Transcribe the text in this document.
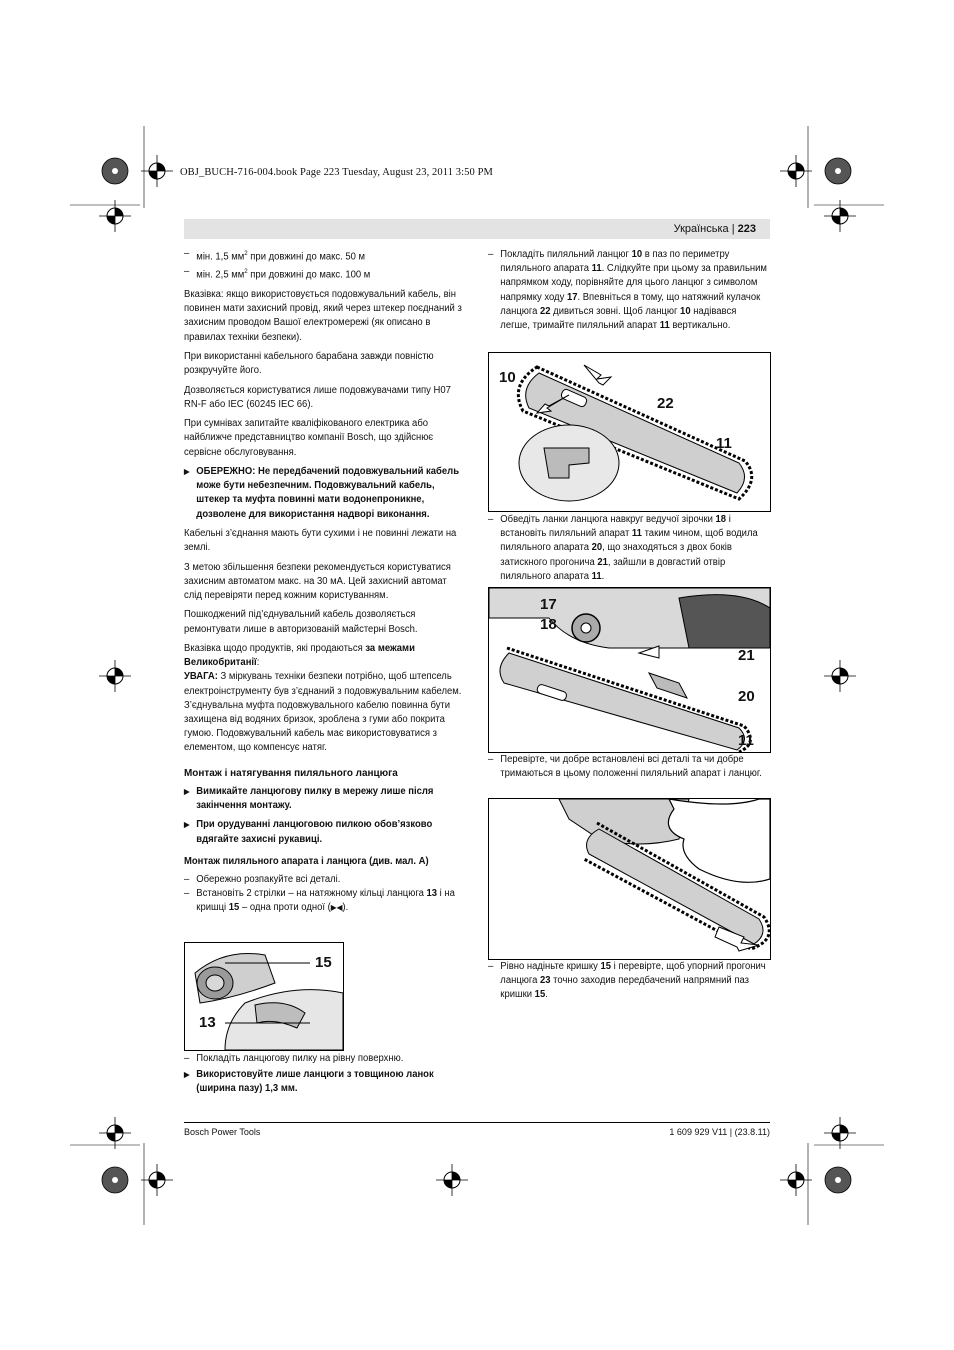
OBJ_BUCH-716-004.book Page 223 Tuesday, August 23, 2011 3:50 PM
Українська | 223

– мін. 1,5 $мм^2$ при довжині до макс. 50 м

– мін. 2,5 $мм^2$ при довжині до макс. 100 м

Вказівка: якщо використовується подовжувальний кабель, він повинен мати захисний провід, який через штекер поєднаний з захисним проводом Вашої електромережі (як описано в правилах техніки безпеки).

При використанні кабельного барабана завжди повністю розкручуйте його.

Дозволяється користуватися лише подовжувачами типу H07 RN-F або IEC (60245 IEC 66).

При сумнівах запитайте кваліфікованого електрика або найближче представництво компанії Bosch, що здійснює сервісне обслуговування.

▶ ОБЕРЕЖНО: Не передбачений подовжувальний кабель може бути небезпечним. Подовжувальний кабель, штекер та муфта повинні мати водонепроникне, дозволене для використання надворі виконання.

Кабельні з’єднання мають бути сухими і не повинні лежати на землі.

З метою збільшення безпеки рекомендується користуватися захисним автоматом макс. на 30 мА. Цей захисний автомат слід перевіряти перед кожним користуванням.

Пошкоджений під’єднувальний кабель дозволяється ремонтувати лише в авторизованій майстерні Bosch.

Вказівка щодо продуктів, які продаються за межами Великобританії:

УВАГА: З міркувань техніки безпеки потрібно, щоб штепсель електроінструменту був з’єднаний з подовжувальним кабелем. З’єднувальна муфта подовжувального кабелю повинна бути захищена від водяних бризок, зроблена з гуми або покрита гумою. Подовжувальний кабель має використовуватися з елементом, що компенсує натяг.

Монтаж і натягування пиляльного ланцюга

▶ Вимикайте ланцюгову пилку в мережу лише після закінчення монтажу.

▶ При орудуванні ланцюговою пилкою обов’язково вдягайте захисні рукавиці.

Монтаж пиляльного апарата і ланцюга (див. мал. A)

– Обережно розпакуйте всі деталі.

– Встановіть 2 стрілки – на натяжному кільці ланцюга 13 і на кришці 15 – одна проти одної (▶◀).

15
13

– Покладіть ланцюгову пилку на рівну поверхню.

▶ Використовуйте лише ланцюги з товщиною ланок (ширина пазу) 1,3 мм.

– Покладіть пиляльний ланцюг 10 в паз по периметру пиляльного апарата 11. Слідкуйте при цьому за правильним напрямком ходу, порівняйте для цього ланцюг з символом напрямку ходу 17. Впевніться в тому, що натяжний кулачок ланцюга 22 дивиться зовні. Щоб ланцюг 10 надівався легше, тримайте пиляльний апарат 11 вертикально.

10
22
11

– Обведіть ланки ланцюга навкруг ведучої зірочки 18 і встановіть пиляльний апарат 11 таким чином, щоб водила пиляльного апарата 20, що знаходяться з двох боків затискного прогонича 21, зайшли в довгастий отвір пиляльного апарата 11.

17
18
21
20
11

– Перевірте, чи добре встановлені всі деталі та чи добре тримаються в цьому положенні пиляльний апарат і ланцюг.

– Рівно надіньте кришку 15 і перевірте, щоб упорний прогонич ланцюга 23 точно заходив передбачений напрямний паз кришки 15.

Bosch Power Tools	1 609 929 V11 | (23.8.11)
